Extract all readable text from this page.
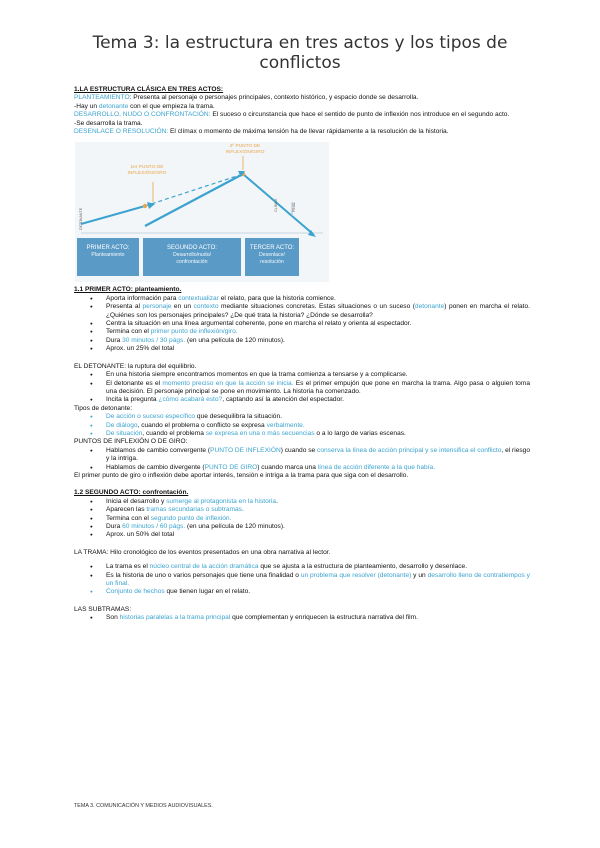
Tema 3: la estructura en tres actos y los tipos de conflictos

1.LA ESTRUCTURA CLÁSICA EN TRES ACTOS:

PLANTEAMIENTO: Presenta al personaje o personajes principales, contexto histórico, y espacio donde se desarrolla.

-Hay un detonante con el que empieza la trama.

DESARROLLO, NUDO O CONFRONTACIÓN: El suceso o circunstancia que hace el sentido de punto de inflexión nos introduce en el segundo acto.

-Se desarrolla la trama.

DESENLACE O RESOLUCIÓN: El clímax o momento de máxima tensión ha de llevar rápidamente a la resolución de la historia.

DETONANTE
1er PUNTO DE INFLEXIÓN/GIRO
2º PUNTO DE INFLEXIÓN/GIRO
CLÍMAX	FINAL
PRIMER ACTO:
Planteamiento
SEGUNDO ACTO:
Desarrollo/nudo/
confrontación
TERCER ACTO:
Desenlace/
resolución

1.1 PRIMER ACTO: planteamiento.

● Aporta información para contextualizar el relato, para que la historia comience.
● Presenta al personaje en un contexto mediante situaciones concretas. Estas situaciones o un suceso (detonante) ponen en marcha el relato. ¿Quiénes son los personajes principales? ¿De qué trata la historia? ¿Dónde se desarrolla?
● Centra la situación en una línea argumental coherente, pone en marcha el relato y orienta al espectador.
● Termina con el primer punto de inflexión/giro.
● Dura 30 minutos / 30 págs. (en una película de 120 minutos).
● Aprox. un 25% del total

EL DETONANTE: la ruptura del equilibrio.

● En una historia siempre encontramos momentos en que la trama comienza a tensarse y a complicarse.
● El detonante es el momento preciso en que la acción se inicia. Es el primer empujón que pone en marcha la trama. Algo pasa o alguien toma una decisión. El personaje principal se pone en movimiento. La historia ha comenzado.
● Incita la pregunta ¿cómo acabará esto?, captando así la atención del espectador.

Tipos de detonante:

● De acción o suceso específico que desequilibra la situación.
● De diálogo, cuando el problema o conflicto se expresa verbalmente.
● De situación, cuando el problema se expresa en una o más secuencias o a lo largo de varias escenas.

PUNTOS DE INFLEXIÓN O DE GIRO:

● Hablamos de cambio convergente (PUNTO DE INFLEXIÓN) cuando se conserva la línea de acción principal y se intensifica el conflicto, el riesgo y la intriga.
● Hablamos de cambio divergente (PUNTO DE GIRO) cuando marca una línea de acción diferente a la que había.

El primer punto de giro o inflexión debe aportar interés, tensión e intriga a la trama para que siga con el desarrollo.

1.2 SEGUNDO ACTO: confrontación.

● Inicia el desarrollo y sumerge al protagonista en la historia.
● Aparecen las tramas secundarias o subtramas.
● Termina con el segundo punto de inflexión.
● Dura 60 minutos / 60 págs. (en una película de 120 minutos).
● Aprox. un 50% del total

LA TRAMA: Hilo cronológico de los eventos presentados en una obra narrativa al lector.

● La trama es el núcleo central de la acción dramática que se ajusta a la estructura de planteamiento, desarrollo y desenlace.
● Es la historia de uno o varios personajes que tiene una finalidad o un problema que resolver (detonante) y un desarrollo lleno de contratiempos y un final.
● Conjunto de hechos que tienen lugar en el relato.

LAS SUBTRAMAS:

● Son historias paralelas a la trama principal que complementan y enriquecen la estructura narrativa del film.
TEMA 3. COMUNICACIÓN Y MEDIOS AUDIOVISUALES.
